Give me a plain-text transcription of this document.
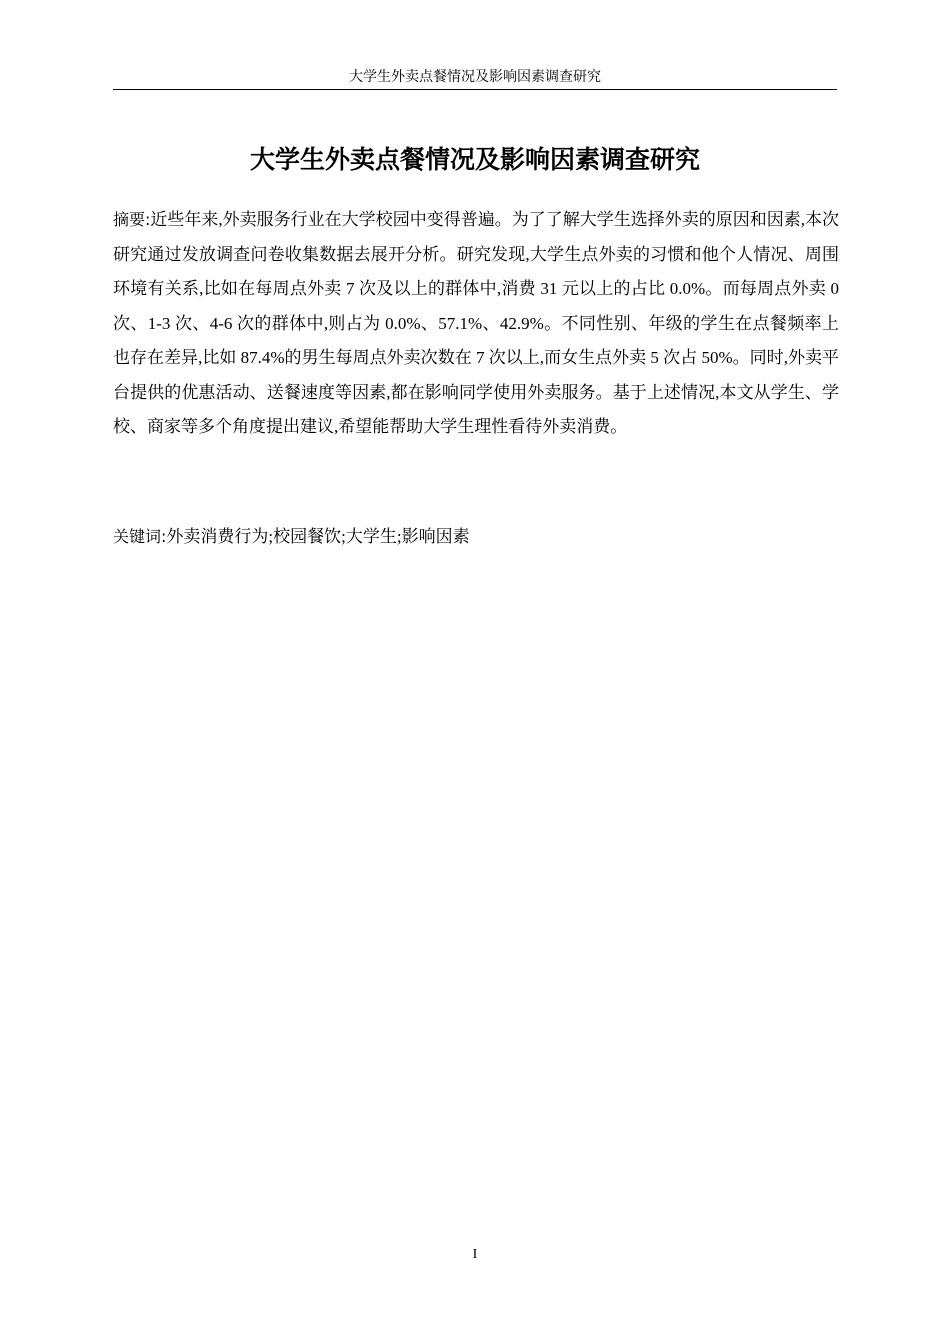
大学生外卖点餐情况及影响因素调查研究
大学生外卖点餐情况及影响因素调查研究

摘要:近些年来,外卖服务行业在大学校园中变得普遍。为了了解大学生选择外卖的原因和因素,本次研究通过发放调查问卷收集数据去展开分析。研究发现,大学生点外卖的习惯和他个人情况、周围环境有关系,比如在每周点外卖 7 次及以上的群体中,消费 31 元以上的占比 0.0%。而每周点外卖 0 次、1-3 次、4-6 次的群体中,则占为 0.0%、57.1%、42.9%。不同性别、年级的学生在点餐频率上也存在差异,比如 87.4%的男生每周点外卖次数在 7 次以上,而女生点外卖 5 次占 50%。同时,外卖平台提供的优惠活动、送餐速度等因素,都在影响同学使用外卖服务。基于上述情况,本文从学生、学校、商家等多个角度提出建议,希望能帮助大学生理性看待外卖消费。

关键词:外卖消费行为;校园餐饮;大学生;影响因素

I
